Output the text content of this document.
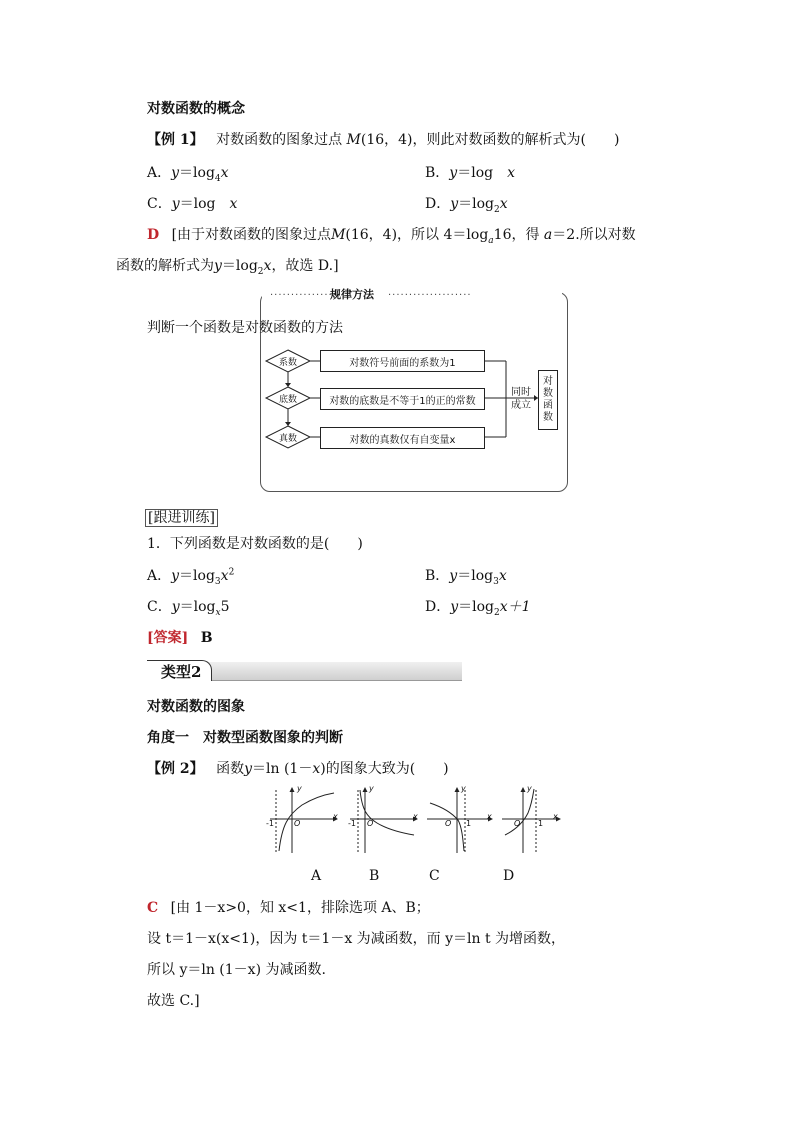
对数函数的概念
【例 1】 对数函数的图象过点 M(16，4)，则此对数函数的解析式为(　　)
A．$y=\log_4x$	B．y＝log x
C．y＝log x	D．$y=\log_2x$
D [由于对数函数的图象过点M(16，4)，所以 $4=\log_a16$，得 a＝2.所以对数
函数的解析式为$y=\log_2x$，故选 D.]
·················
规律方法 ····················
判断一个函数是对数函数的方法
系数
底数
真数
对数符号前面的系数为1
对数的底数是不等于1的正的常数
对数的真数仅有自变量x
同时成立
对数函数
[跟进训练]
1．下列函数是对数函数的是(　　)
A．$y=\log_3x^2$	B．$y=\log_3x$
C．$y=\log_x5$	D．$y=\log_2x+1$
[答案] B
类型2
对数函数的图象
角度一 对数型函数图象的判断
【例 2】 函数y＝ln (1－x)的图象大致为(　　)
y
x
-1	O
y
x
-1 O
y
x
O 1
y
x
O 1
A	B	C	D
C [由 1－x>0，知 x<1，排除选项 A、B；
设 t＝1－x(x<1)，因为 t＝1－x 为减函数，而 y＝ln t 为增函数，
所以 y＝ln (1－x) 为减函数.
故选 C.]
